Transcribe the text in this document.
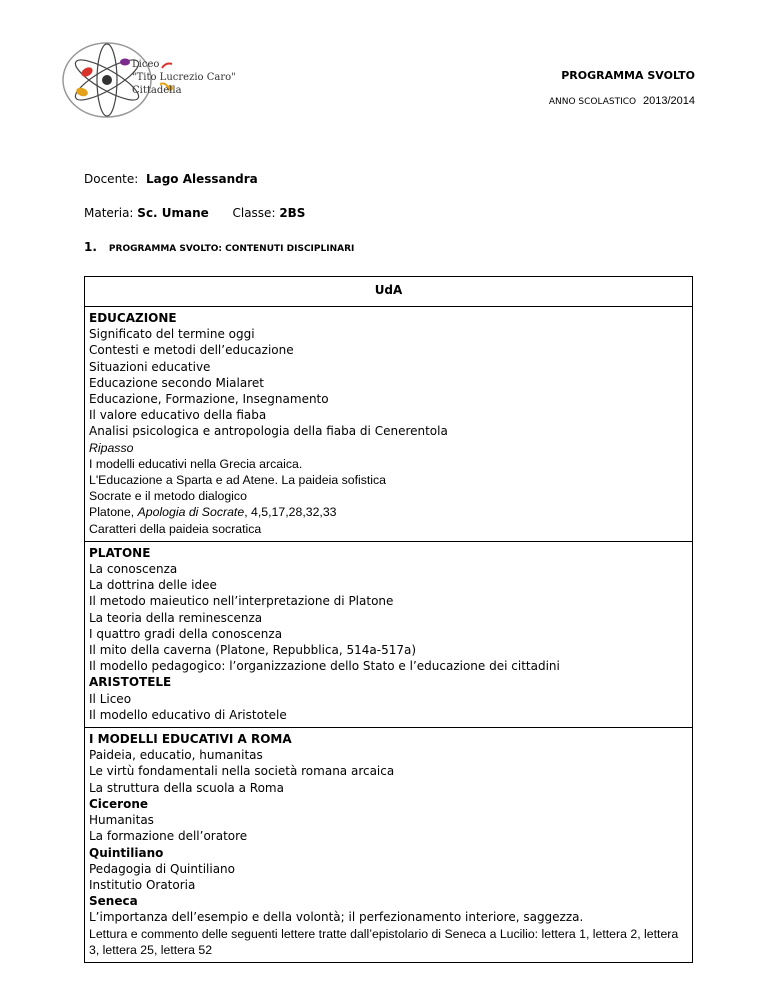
Liceo
"Tito Lucrezio Caro"
Cittadella
PROGRAMMA SVOLTO
ANNO SCOLASTICO 2013/2014
Docente: Lago Alessandra
Materia: Sc. Umane Classe: 2BS
1. PROGRAMMA SVOLTO: CONTENUTI DISCIPLINARI
UdA

EDUCAZIONE
Significato del termine oggi
Contesti e metodi dell’educazione
Situazioni educative
Educazione secondo Mialaret
Educazione, Formazione, Insegnamento
Il valore educativo della fiaba
Analisi psicologica e antropologia della fiaba di Cenerentola
Ripasso
I modelli educativi nella Grecia arcaica.
L'Educazione a Sparta e ad Atene. La paideia sofistica
Socrate e il metodo dialogico
Platone, Apologia di Socrate, 4,5,17,28,32,33
Caratteri della paideia socratica

PLATONE
La conoscenza
La dottrina delle idee
Il metodo maieutico nell’interpretazione di Platone
La teoria della reminescenza
I quattro gradi della conoscenza
Il mito della caverna (Platone, Repubblica, 514a-517a)
Il modello pedagogico: l’organizzazione dello Stato e l’educazione dei cittadini
ARISTOTELE
Il Liceo
Il modello educativo di Aristotele

I MODELLI EDUCATIVI A ROMA
Paideia, educatio, humanitas
Le virtù fondamentali nella società romana arcaica
La struttura della scuola a Roma
Cicerone
Humanitas
La formazione dell’oratore
Quintiliano
Pedagogia di Quintiliano
Institutio Oratoria
Seneca
L’importanza dell’esempio e della volontà; il perfezionamento interiore, saggezza.
Lettura e commento delle seguenti lettere tratte dall’epistolario di Seneca a Lucilio: lettera 1, lettera 2, lettera 3, lettera 25, lettera 52
